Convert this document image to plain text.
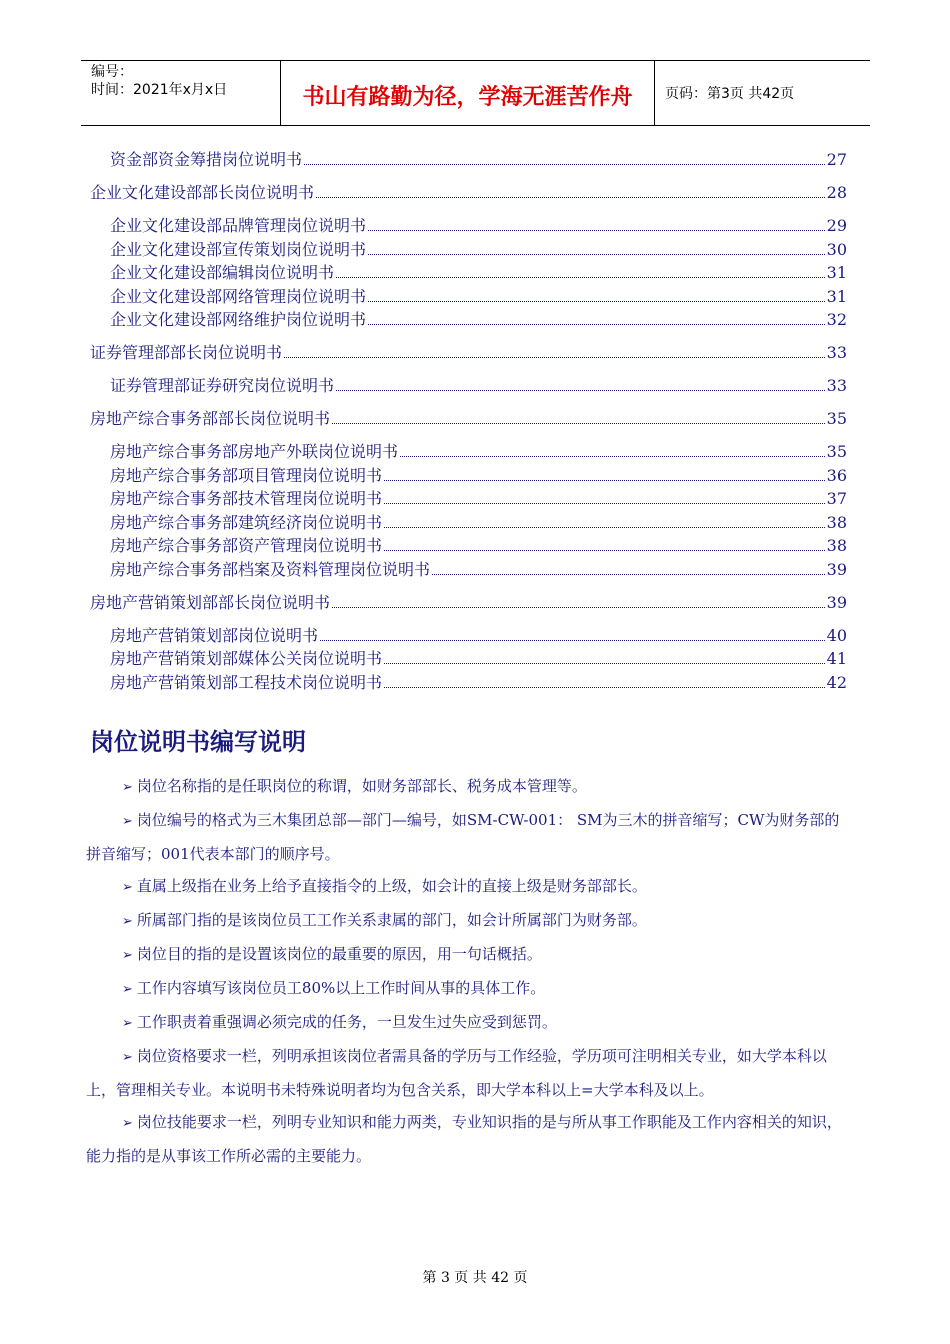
编号：
时间：2021年x月x日	书山有路勤为径，学海无涯苦作舟	页码：第3页 共42页
资金部资金筹措岗位说明书	27
企业文化建设部部长岗位说明书	28
企业文化建设部品牌管理岗位说明书	29
企业文化建设部宣传策划岗位说明书	30
企业文化建设部编辑岗位说明书	31
企业文化建设部网络管理岗位说明书	31
企业文化建设部网络维护岗位说明书	32
证券管理部部长岗位说明书	33
证券管理部证券研究岗位说明书	33
房地产综合事务部部长岗位说明书	35
房地产综合事务部房地产外联岗位说明书	35
房地产综合事务部项目管理岗位说明书	36
房地产综合事务部技术管理岗位说明书	37
房地产综合事务部建筑经济岗位说明书	38
房地产综合事务部资产管理岗位说明书	38
房地产综合事务部档案及资料管理岗位说明书	39
房地产营销策划部部长岗位说明书	39
房地产营销策划部岗位说明书	40
房地产营销策划部媒体公关岗位说明书	41
房地产营销策划部工程技术岗位说明书	42
岗位说明书编写说明
➢ 岗位名称指的是任职岗位的称谓，如财务部部长、税务成本管理等。
➢ 岗位编号的格式为三木集团总部—部门—编号，如SM-CW-001： SM为三木的拼音缩写；CW为财务部的拼音缩写；001代表本部门的顺序号。
➢ 直属上级指在业务上给予直接指令的上级，如会计的直接上级是财务部部长。
➢ 所属部门指的是该岗位员工工作关系隶属的部门，如会计所属部门为财务部。
➢ 岗位目的指的是设置该岗位的最重要的原因，用一句话概括。
➢ 工作内容填写该岗位员工80%以上工作时间从事的具体工作。
➢ 工作职责着重强调必须完成的任务，一旦发生过失应受到惩罚。
➢ 岗位资格要求一栏，列明承担该岗位者需具备的学历与工作经验，学历项可注明相关专业，如大学本科以上，管理相关专业。本说明书未特殊说明者均为包含关系，即大学本科以上=大学本科及以上。
➢ 岗位技能要求一栏，列明专业知识和能力两类，专业知识指的是与所从事工作职能及工作内容相关的知识，能力指的是从事该工作所必需的主要能力。
第 3 页 共 42 页
